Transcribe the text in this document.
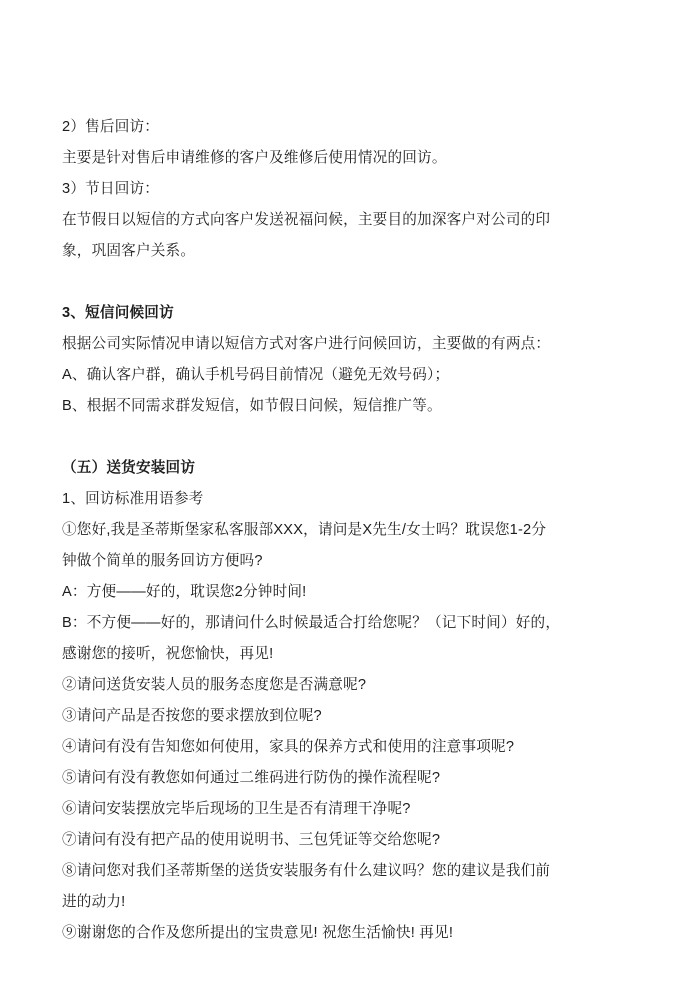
2）售后回访：

主要是针对售后申请维修的客户及维修后使用情况的回访。

3）节日回访：

在节假日以短信的方式向客户发送祝福问候，主要目的加深客户对公司的印

象，巩固客户关系。

3、短信问候回访

根据公司实际情况申请以短信方式对客户进行问候回访，主要做的有两点：

A、确认客户群，确认手机号码目前情况（避免无效号码）；

B、根据不同需求群发短信，如节假日问候，短信推广等。

（五）送货安装回访

1、回访标准用语参考

①您好,我是圣蒂斯堡家私客服部XXX，请问是X先生/女士吗？耽误您1-2分

钟做个简单的服务回访方便吗?

A：方便——好的，耽误您2分钟时间!

B：不方便——好的，那请问什么时候最适合打给您呢？（记下时间）好的，

感谢您的接听，祝您愉快，再见!

②请问送货安装人员的服务态度您是否满意呢?

③请问产品是否按您的要求摆放到位呢?

④请问有没有告知您如何使用，家具的保养方式和使用的注意事项呢?

⑤请问有没有教您如何通过二维码进行防伪的操作流程呢?

⑥请问安装摆放完毕后现场的卫生是否有清理干净呢?

⑦请问有没有把产品的使用说明书、三包凭证等交给您呢?

⑧请问您对我们圣蒂斯堡的送货安装服务有什么建议吗？您的建议是我们前

进的动力!

⑨谢谢您的合作及您所提出的宝贵意见! 祝您生活愉快! 再见!
